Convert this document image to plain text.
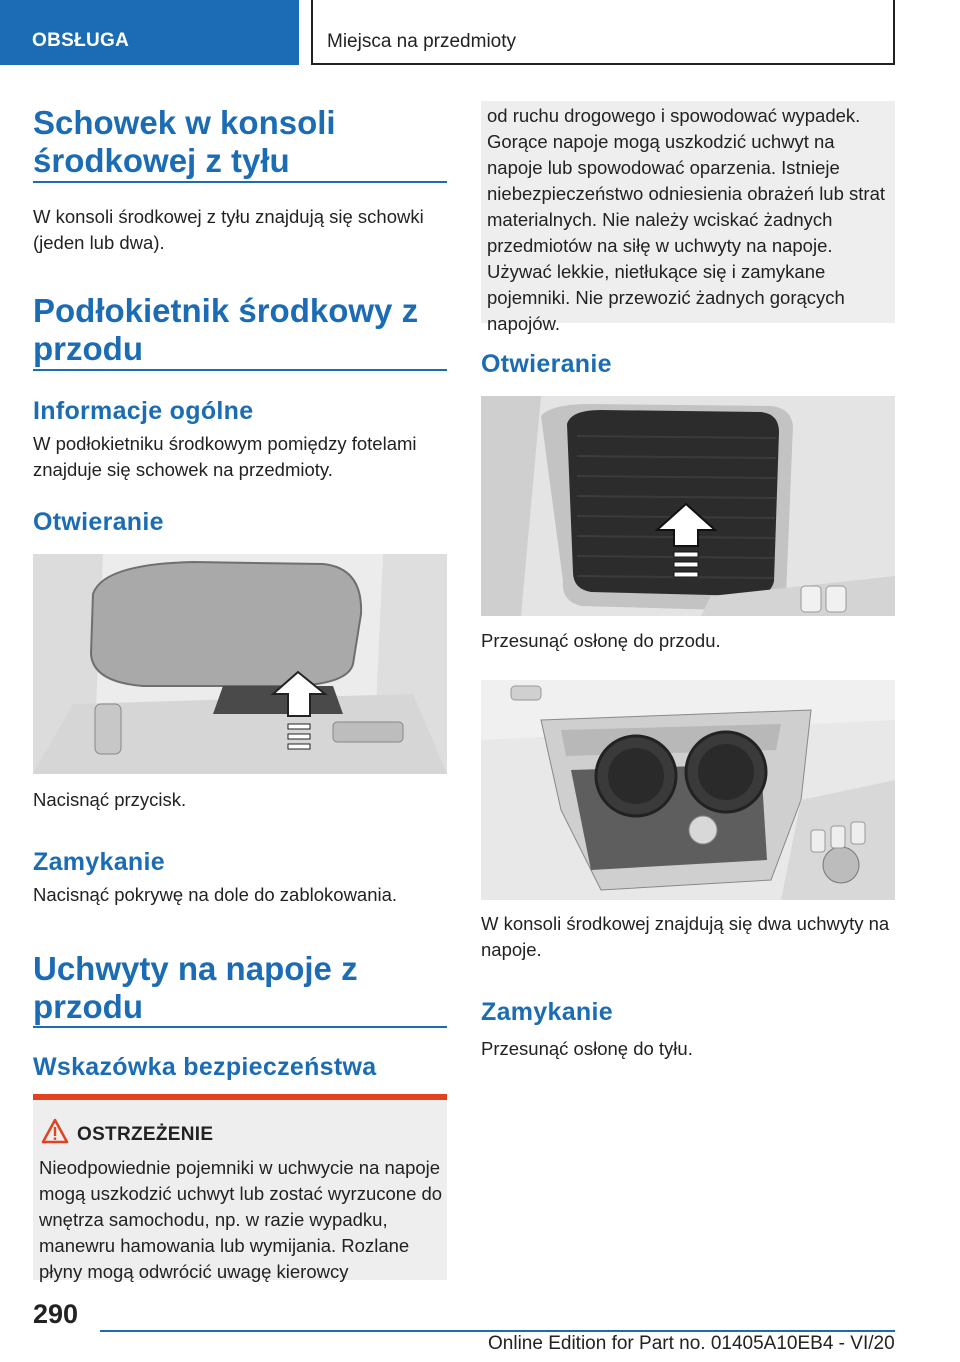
OBSŁUGA	Miejsca na przedmioty
Schowek w konsoli środkowej z tyłu

W konsoli środkowej z tyłu znajdują się schowki (jeden lub dwa).

Podłokietnik środkowy z przodu
Informacje ogólne

W podłokietniku środkowym pomiędzy fotelami znajduje się schowek na przedmioty.

Otwieranie

Nacisnąć przycisk.

Zamykanie

Nacisnąć pokrywę na dole do zablokowania.

Uchwyty na napoje z przodu
Wskazówka bezpieczeństwa
OSTRZEŻENIE
Nieodpowiednie pojemniki w uchwycie na napoje mogą uszkodzić uchwyt lub zostać wyrzucone do wnętrza samochodu, np. w razie wypadku, manewru hamowania lub wymijania. Rozlane płyny mogą odwrócić uwagę kierowcy
od ruchu drogowego i spowodować wypadek. Gorące napoje mogą uszkodzić uchwyt na napoje lub spowodować oparzenia. Istnieje niebezpieczeństwo odniesienia obrażeń lub strat materialnych. Nie należy wciskać żadnych przedmiotów na siłę w uchwyty na napoje. Używać lekkie, nietłukące się i zamykane pojemniki. Nie przewozić żadnych gorących napojów.
Otwieranie

Przesunąć osłonę do przodu.

W konsoli środkowej znajdują się dwa uchwyty na napoje.

Zamykanie

Przesunąć osłonę do tyłu.

290
Online Edition for Part no. 01405A10EB4 - VI/20
